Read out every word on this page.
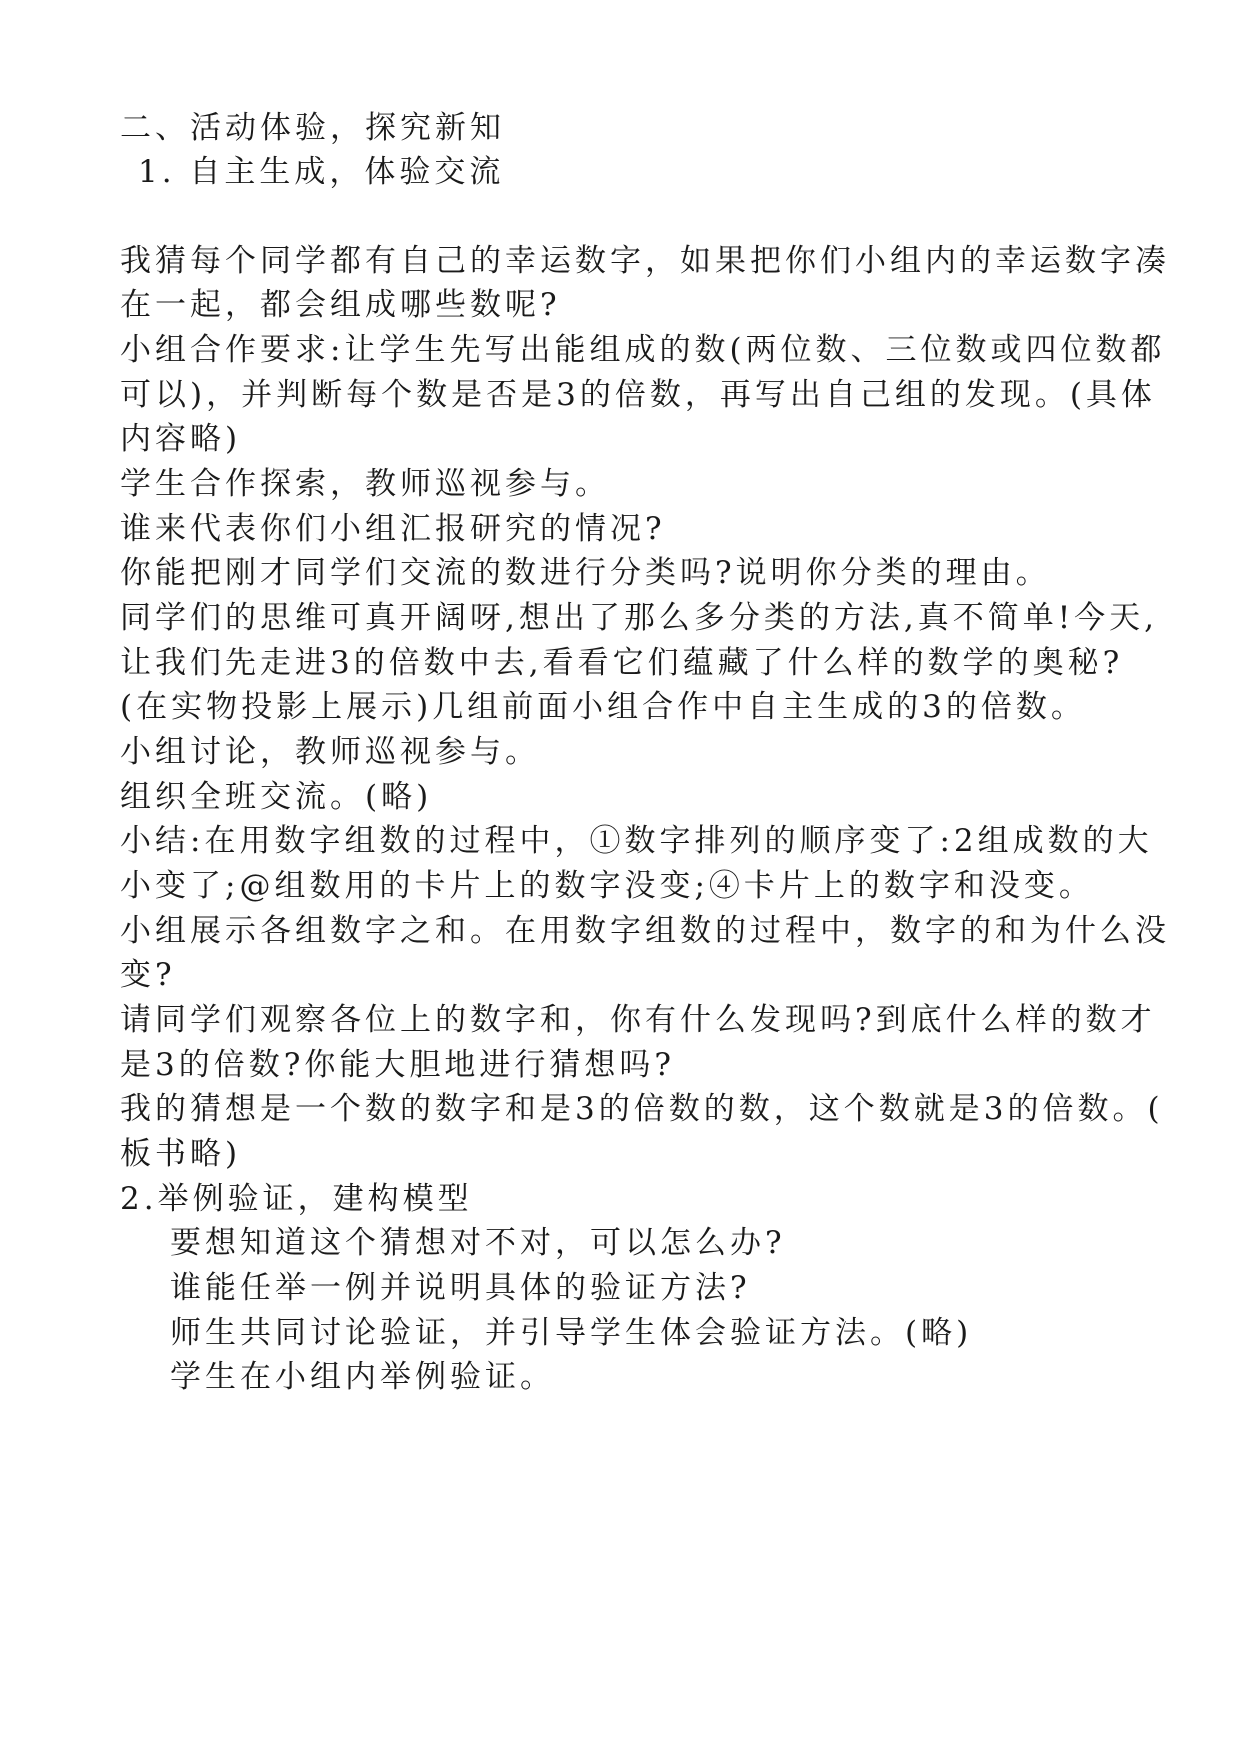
二、活动体验，探究新知
1. 自主生成，体验交流
我猜每个同学都有自己的幸运数字，如果把你们小组内的幸运数字凑
在一起，都会组成哪些数呢?
小组合作要求:让学生先写出能组成的数(两位数、三位数或四位数都
可以)，并判断每个数是否是3的倍数，再写出自己组的发现。(具体
内容略)
学生合作探索，教师巡视参与。
谁来代表你们小组汇报研究的情况?
你能把刚才同学们交流的数进行分类吗?说明你分类的理由。
同学们的思维可真开阔呀,想出了那么多分类的方法,真不简单!今天,
让我们先走进3的倍数中去,看看它们蕴藏了什么样的数学的奥秘?
(在实物投影上展示)几组前面小组合作中自主生成的3的倍数。
小组讨论，教师巡视参与。
组织全班交流。(略)
小结:在用数字组数的过程中，①数字排列的顺序变了:2组成数的大
小变了;@组数用的卡片上的数字没变;④卡片上的数字和没变。
小组展示各组数字之和。在用数字组数的过程中，数字的和为什么没
变?
请同学们观察各位上的数字和，你有什么发现吗?到底什么样的数才
是3的倍数?你能大胆地进行猜想吗?
我的猜想是一个数的数字和是3的倍数的数，这个数就是3的倍数。(
板书略)
2.举例验证，建构模型
要想知道这个猜想对不对，可以怎么办?
谁能任举一例并说明具体的验证方法?
师生共同讨论验证，并引导学生体会验证方法。(略)
学生在小组内举例验证。
